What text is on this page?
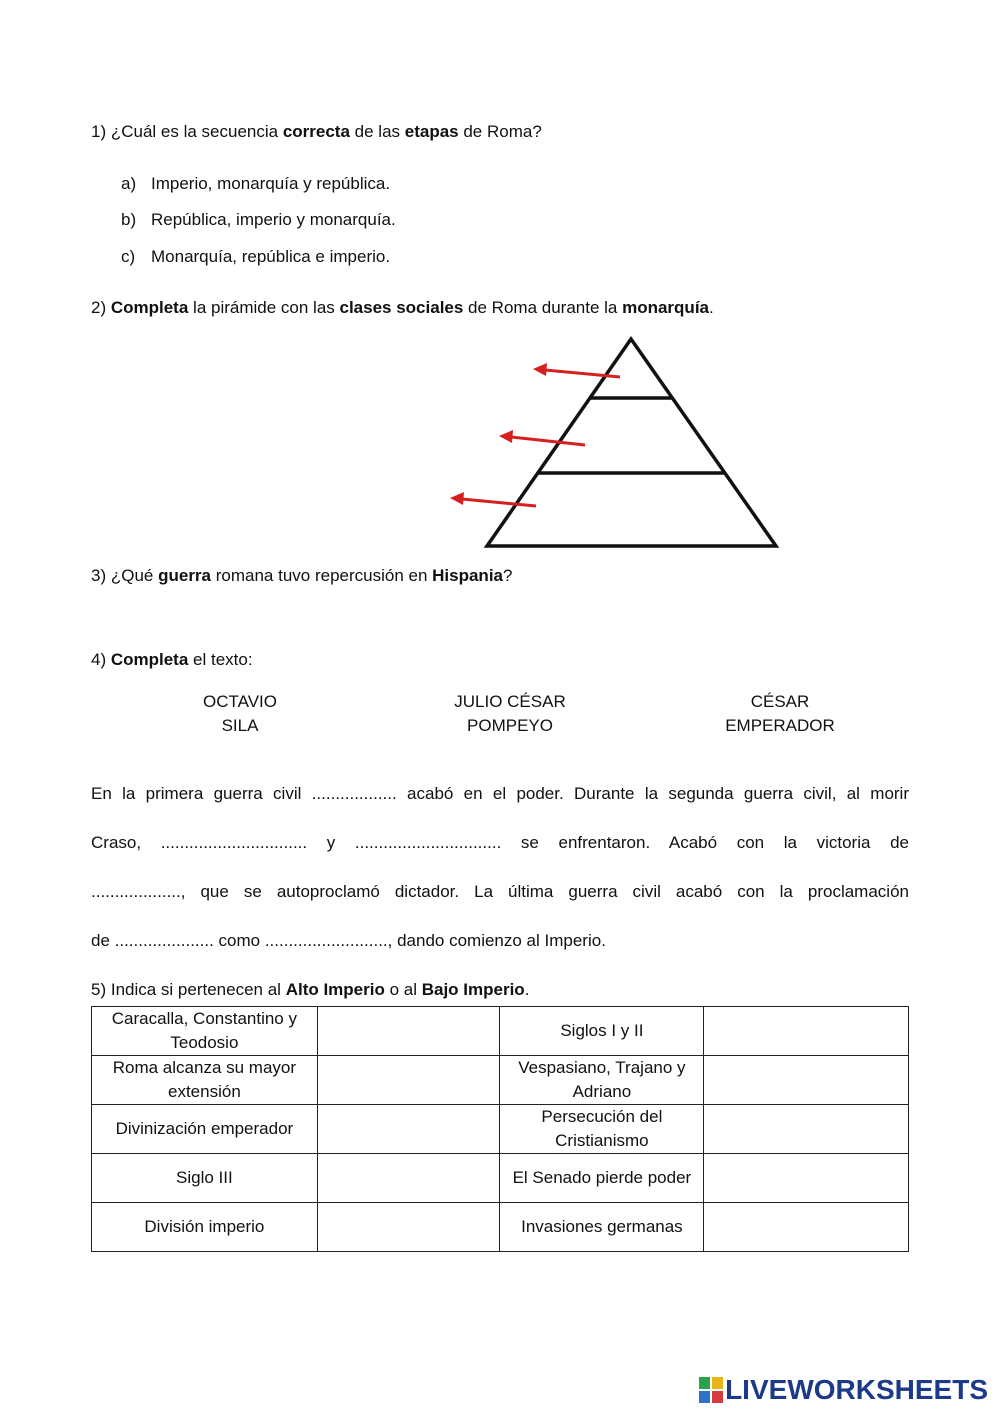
1) ¿Cuál es la secuencia correcta de las etapas de Roma?
a) Imperio, monarquía y república.
b) República, imperio y monarquía.
c) Monarquía, república e imperio.
2) Completa la pirámide con las clases sociales de Roma durante la monarquía.
3) ¿Qué guerra romana tuvo repercusión en Hispania?
4) Completa el texto:
OCTAVIO
SILA
JULIO CÉSAR
POMPEYO
CÉSAR
EMPERADOR

En la primera guerra civil .................. acabó en el poder. Durante la segunda guerra civil, al morir

Craso, ............................... y ............................... se enfrentaron. Acabó con la victoria de

..................., que se autoproclamó dictador. La última guerra civil acabó con la proclamación

de ..................... como .........................., dando comienzo al Imperio.

5) Indica si pertenecen al Alto Imperio o al Bajo Imperio.
Caracalla, Constantino y Teodosio		Siglos I y II	
Roma alcanza su mayor extensión		Vespasiano, Trajano y Adriano	
Divinización emperador		Persecución del Cristianismo	
Siglo III		El Senado pierde poder	
División imperio		Invasiones germanas	
LIVEWORKSHEETS
